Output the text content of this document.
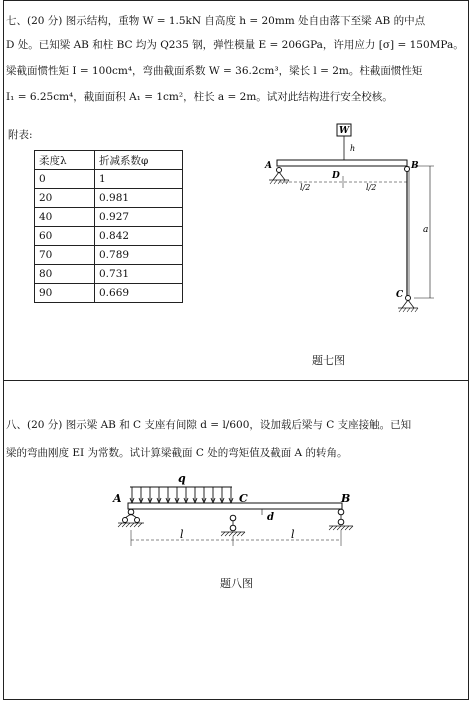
七、(20 分) 图示结构，重物 W = 1.5kN 自高度 h = 20mm 处自由落下至梁 AB 的中点
D 处。已知梁 AB 和柱 BC 均为 Q235 钢，弹性模量 E = 206GPa，许用应力 [σ] = 150MPa。
梁截面惯性矩 I = 100cm⁴，弯曲截面系数 W = 36.2cm³，梁长 l = 2m。柱截面惯性矩
I₁ = 6.25cm⁴，截面面积 A₁ = 1cm²，柱长 a = 2m。试对此结构进行安全校核。
附表:
柔度λ	折减系数φ
0	1
20	0.981
40	0.927
60	0.842
70	0.789
80	0.731
90	0.669
W
h
A	B
D
l/2	l/2
a
C
q
A	C	B
d
l	l
题七图
八、(20 分) 图示梁 AB 和 C 支座有间隙 d = l/600，设加载后梁与 C 支座接触。已知
梁的弯曲刚度 EI 为常数。试计算梁截面 C 处的弯矩值及截面 A 的转角。
题八图
